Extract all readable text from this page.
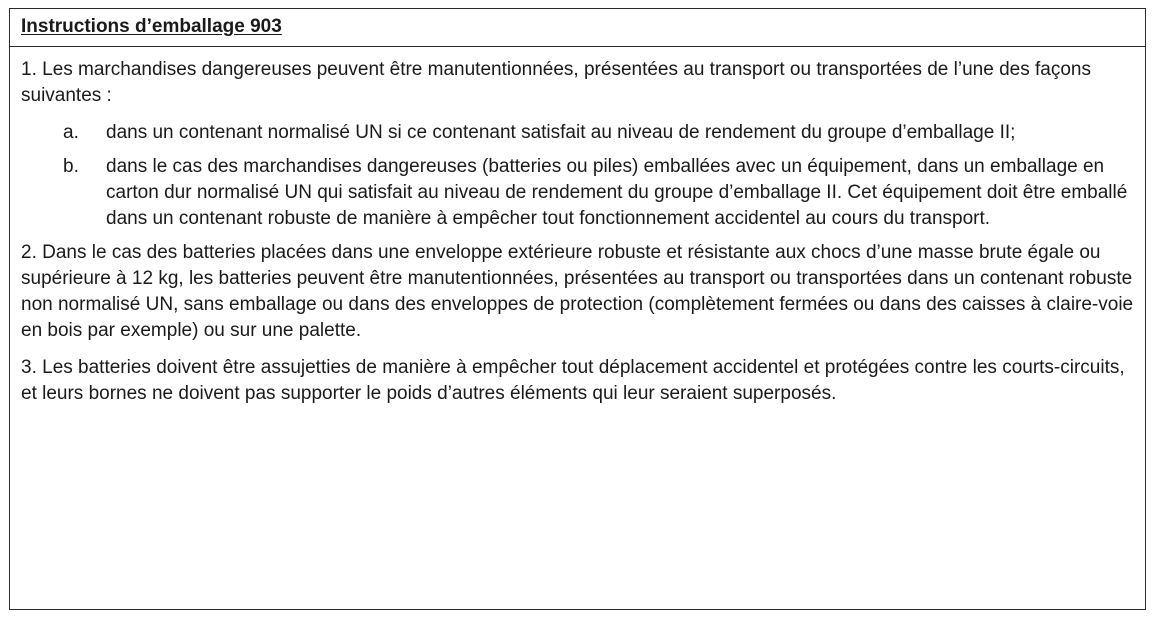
Instructions d’emballage 903

1. Les marchandises dangereuses peuvent être manutentionnées, présentées au transport ou transportées de l’une des façons suivantes :

a.	dans un contenant normalisé UN si ce contenant satisfait au niveau de rendement du groupe d’emballage II;
b.	dans le cas des marchandises dangereuses (batteries ou piles) emballées avec un équipement, dans un emballage en carton dur normalisé UN qui satisfait au niveau de rendement du groupe d’emballage II. Cet équipement doit être emballé dans un contenant robuste de manière à empêcher tout fonctionnement accidentel au cours du transport.

2. Dans le cas des batteries placées dans une enveloppe extérieure robuste et résistante aux chocs d’une masse brute égale ou supérieure à 12 kg, les batteries peuvent être manutentionnées, présentées au transport ou transportées dans un contenant robuste non normalisé UN, sans emballage ou dans des enveloppes de protection (complètement fermées ou dans des caisses à claire-voie en bois par exemple) ou sur une palette.

3. Les batteries doivent être assujetties de manière à empêcher tout déplacement accidentel et protégées contre les courts-circuits, et leurs bornes ne doivent pas supporter le poids d’autres éléments qui leur seraient superposés.
